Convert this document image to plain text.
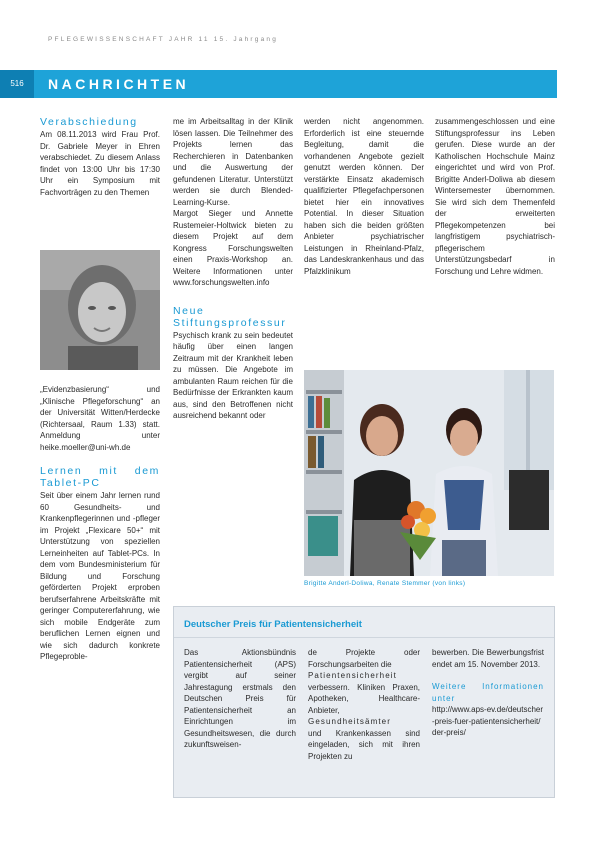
PFLEGEWISSENSCHAFT JAHR 11 15. Jahrgang
516	NACHRICHTEN
Verabschiedung

Am 08.11.2013 wird Frau Prof. Dr. Gabriele Meyer in Ehren verabschiedet. Zu diesem Anlass findet von 13:00 Uhr bis 17:30 Uhr ein Symposium mit Fachvorträgen zu den Themen

„Evidenzbasierung“ und „Klinische Pflegeforschung“ an der Universität Witten/Herdecke (Richtersaal, Raum 1.33) statt. Anmeldung unter heike.moeller@uni-wh.de

Lernen mit dem Tablet-PC

Seit über einem Jahr lernen rund 60 Gesundheits- und Krankenpflegerinnen und -pfleger im Projekt „Flexicare 50+“ mit Unterstützung von speziellen Lerneinheiten auf Tablet-PCs. In dem vom Bundesministerium für Bildung und Forschung geförderten Projekt erproben berufserfahrene Arbeitskräfte mit geringer Computererfahrung, wie sich mobile Endgeräte zum beruflichen Lernen eignen und wie sich dadurch konkrete Pflegeproble-

me im Arbeitsalltag in der Klinik lösen lassen. Die Teilnehmer des Projekts lernen das Recherchieren in Datenbanken und die Auswertung der gefundenen Literatur. Unterstützt werden sie durch Blended-Learning-Kurse.

Margot Sieger und Annette Rustemeier-Holtwick bieten zu diesem Projekt auf dem Kongress Forschungswelten einen Praxis-Workshop an. Weitere Informationen unter www.forschungswelten.info

Neue Stiftungsprofessur

Psychisch krank zu sein bedeutet häufig über einen langen Zeitraum mit der Krankheit leben zu müssen. Die Angebote im ambulanten Raum reichen für die Bedürfnisse der Erkrankten kaum aus, sind den Betroffenen nicht ausreichend bekannt oder

werden nicht angenommen. Erforderlich ist eine steuernde Begleitung, damit die vorhandenen Angebote gezielt genutzt werden können. Der verstärkte Einsatz akademisch qualifizierter Pflegefachpersonen bietet hier ein innovatives Potential. In dieser Situation haben sich die beiden größten Anbieter psychiatrischer Leistungen in Rheinland-Pfalz, das Landeskrankenhaus und das Pfalzklinikum

zusammengeschlossen und eine Stiftungsprofessur ins Leben gerufen. Diese wurde an der Katholischen Hochschule Mainz eingerichtet und wird von Prof. Brigitte Anderl-Doliwa ab diesem Wintersemester übernommen. Sie wird sich dem Themenfeld der erweiterten Pflegekompetenzen bei langfristigem psychiatrisch-pflegerischem Unterstützungsbedarf in Forschung und Lehre widmen.

Brigitte Anderl-Doliwa, Renate Stemmer (von links)
Deutscher Preis für Patientensicherheit

Das Aktionsbündnis Patientensicherheit (APS) vergibt auf seiner Jahrestagung erstmals den Deutschen Preis für Patientensicherheit an Einrichtungen im Gesundheitswesen, die durch zukunftsweisen-

de Projekte oder Forschungsarbeiten die

Patientensicherheit

verbessern. Kliniken Praxen, Apotheken, Healthcare-Anbieter,

Gesundheitsämter

und Krankenkassen sind eingeladen, sich mit ihren Projekten zu

bewerben. Die Bewerbungsfrist endet am 15. November 2013.

Weitere Informationen unter

http://www.aps-ev.de/deutscher-preis-fuer-patientensicherheit/der-preis/
